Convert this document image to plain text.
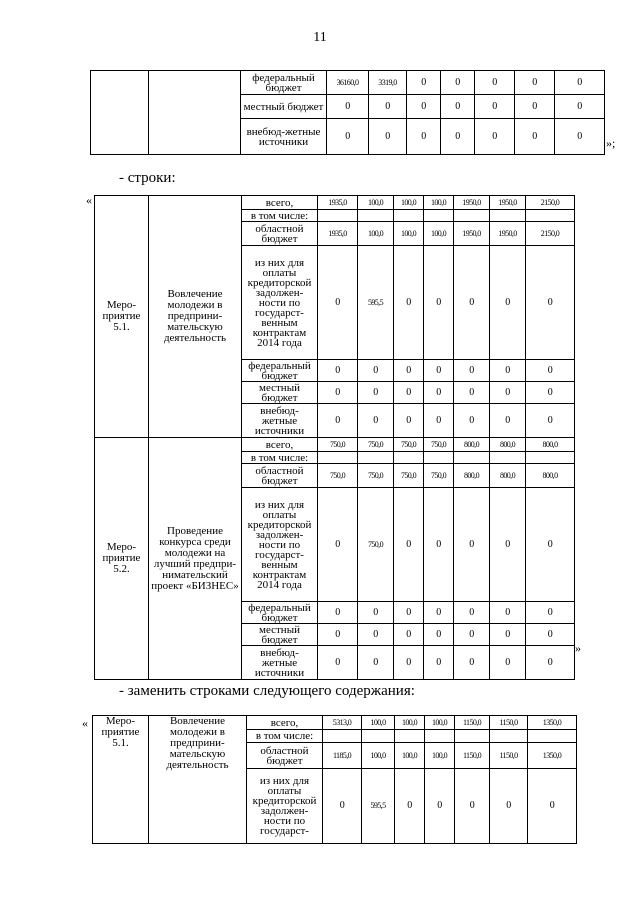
11
		федеральный бюджет	36160,0	3319,0	0	0	0	0	0
		местный бюджет	0	0	0	0	0	0	0
		внебюд-жетные источники	0	0	0	0	0	0	0 »;
- строки:
«
Меро-приятие 5.1.	Вовлечение молодежи в предприни-мательскую деятельность	всего,	1935,0	100,0	100,0	100,0	1950,0	1950,0	2150,0
		в том числе:							
		областной бюджет	1935,0	100,0	100,0	100,0	1950,0	1950,0	2150,0
		из них для оплаты кредиторской задолжен-ности по государст-венным контрактам 2014 года	0	595,5	0	0	0	0	0
		федеральный бюджет	0	0	0	0	0	0	0
		местный бюджет	0	0	0	0	0	0	0
		внебюд-жетные источники	0	0	0	0	0	0	0
Меро-приятие 5.2.	Проведение конкурса среди молодежи на лучший предпри-нимательский проект «БИЗНЕС»	всего,	750,0	750,0	750,0	750,0	800,0	800,0	800,0
		в том числе:							
		областной бюджет	750,0	750,0	750,0	750,0	800,0	800,0	800,0
		из них для оплаты кредиторской задолжен-ности по государст-венным контрактам 2014 года	0	750,0	0	0	0	0	0
		федеральный бюджет	0	0	0	0	0	0	0
		местный бюджет	0	0	0	0	0	0	0
		внебюд-жетные источники	0	0	0	0	0	0	0
»
- заменить строками следующего содержания:
« Меро-приятие 5.1.	Вовлечение молодежи в предприни-мательскую деятельность	всего,	5313,0	100,0	100,0	100,0	1150,0	1150,0	1350,0
		в том числе:							
		областной бюджет	1185,0	100,0	100,0	100,0	1150,0	1150,0	1350,0
		из них для оплаты кредиторской задолжен-ности по государст-	0	595,5	0	0	0	0	0
